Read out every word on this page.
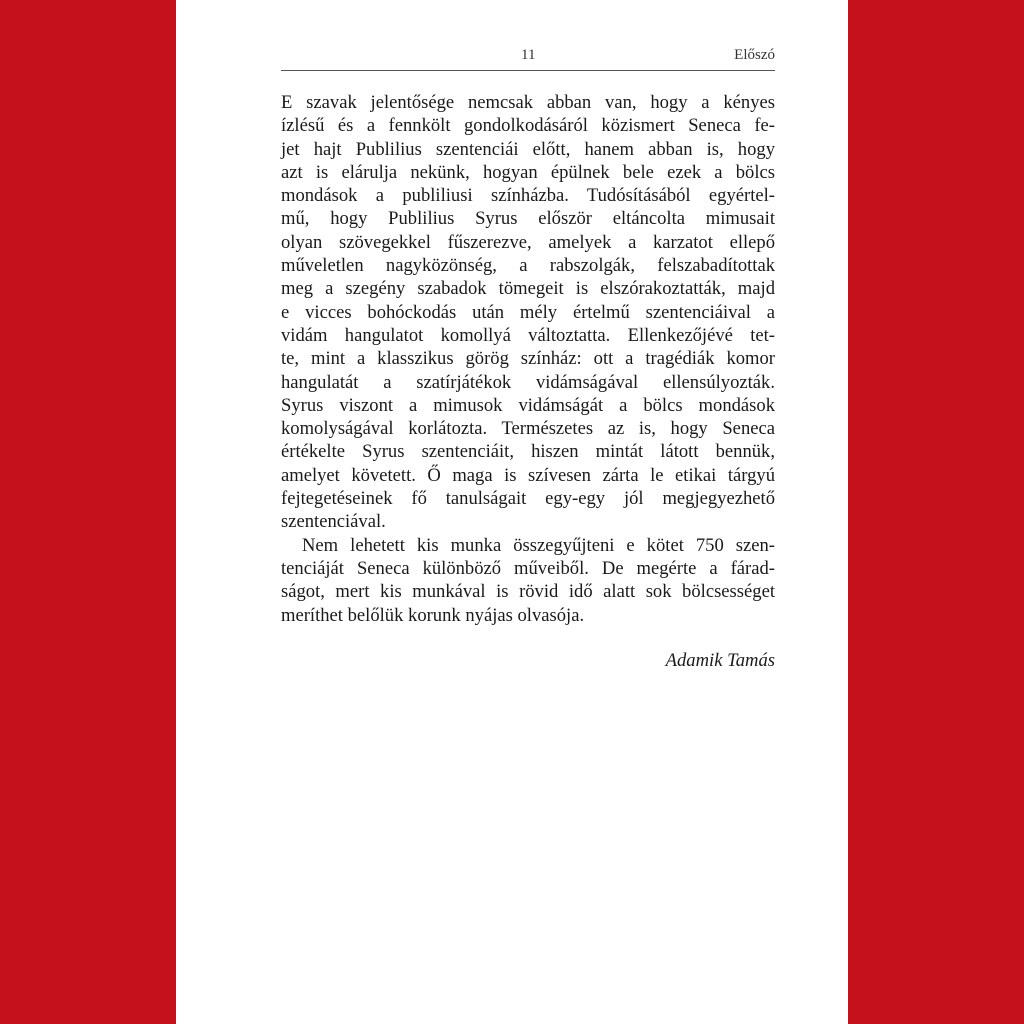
11	Előszó

E szavak jelentősége nemcsak abban van, hogy a kényes
ízlésű és a fennkölt gondolkodásáról közismert Seneca fe-
jet hajt Publilius szentenciái előtt, hanem abban is, hogy
azt is elárulja nekünk, hogyan épülnek bele ezek a bölcs
mondások a publiliusi színházba. Tudósításából egyértel-
mű, hogy Publilius Syrus először eltáncolta mimusait
olyan szövegekkel fűszerezve, amelyek a karzatot ellepő
műveletlen nagyközönség, a rabszolgák, felszabadítottak
meg a szegény szabadok tömegeit is elszórakoztatták, majd
e vicces bohóckodás után mély értelmű szentenciáival a
vidám hangulatot komollyá változtatta. Ellenkezőjévé tet-
te, mint a klasszikus görög színház: ott a tragédiák komor
hangulatát a szatírjátékok vidámságával ellensúlyozták.
Syrus viszont a mimusok vidámságát a bölcs mondások
komolyságával korlátozta. Természetes az is, hogy Seneca
értékelte Syrus szentenciáit, hiszen mintát látott bennük,
amelyet követett. Ő maga is szívesen zárta le etikai tárgyú
fejtegetéseinek fő tanulságait egy-egy jól megjegyezhető
szentenciával.

Nem lehetett kis munka összegyűjteni e kötet 750 szen-
tenciáját Seneca különböző műveiből. De megérte a fárad-
ságot, mert kis munkával is rövid idő alatt sok bölcsességet
meríthet belőlük korunk nyájas olvasója.

Adamik Tamás
